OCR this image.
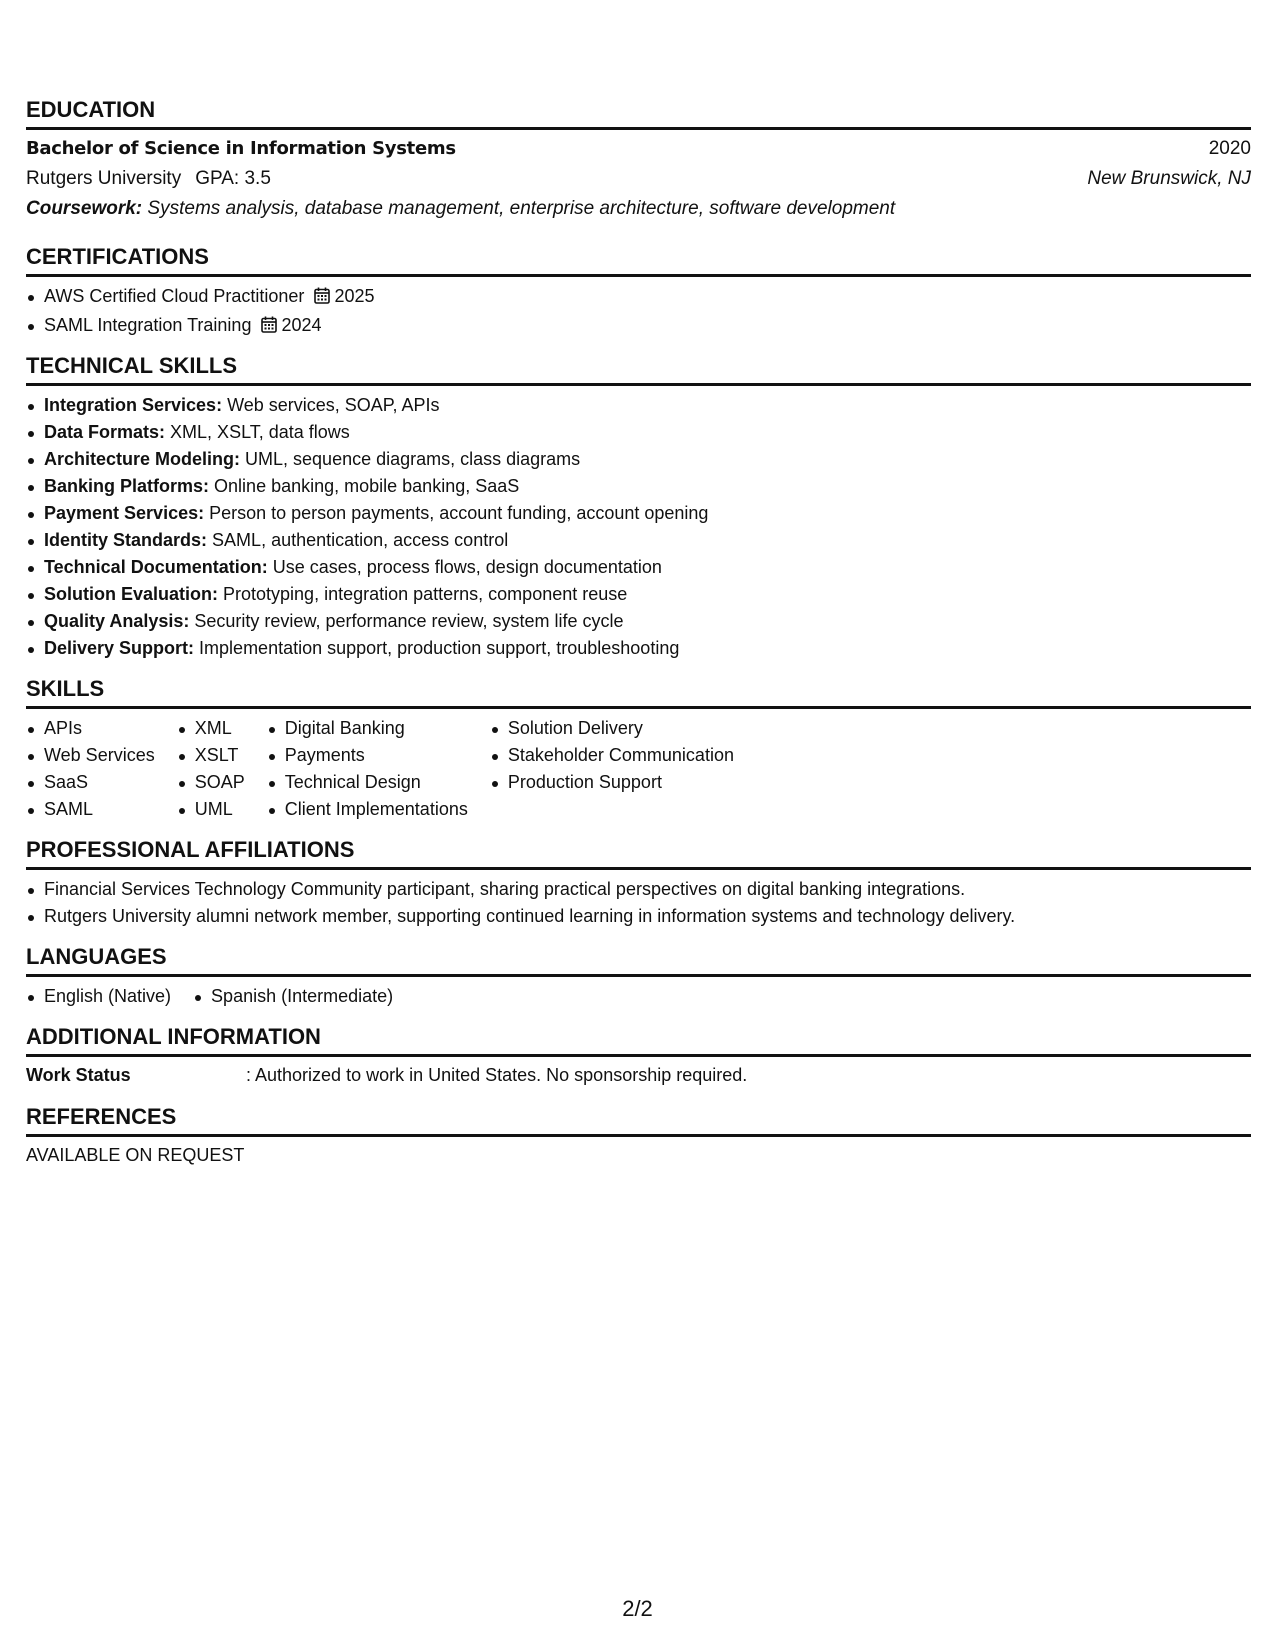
EDUCATION
Bachelor of Science in Information Systems	2020
Rutgers University GPA: 3.5	New Brunswick, NJ
Coursework: Systems analysis, database management, enterprise architecture, software development
CERTIFICATIONS
AWS Certified Cloud Practitioner 2025
SAML Integration Training 2024
TECHNICAL SKILLS
Integration Services: Web services, SOAP, APIs
Data Formats: XML, XSLT, data flows
Architecture Modeling: UML, sequence diagrams, class diagrams
Banking Platforms: Online banking, mobile banking, SaaS
Payment Services: Person to person payments, account funding, account opening
Identity Standards: SAML, authentication, access control
Technical Documentation: Use cases, process flows, design documentation
Solution Evaluation: Prototyping, integration patterns, component reuse
Quality Analysis: Security review, performance review, system life cycle
Delivery Support: Implementation support, production support, troubleshooting
SKILLS
APIs
Web Services
SaaS
SAML
XML
XSLT
SOAP
UML
Digital Banking
Payments
Technical Design
Client Implementations
Solution Delivery
Stakeholder Communication
Production Support
PROFESSIONAL AFFILIATIONS
Financial Services Technology Community participant, sharing practical perspectives on digital banking integrations.
Rutgers University alumni network member, supporting continued learning in information systems and technology delivery.
LANGUAGES
English (Native)	Spanish (Intermediate)
ADDITIONAL INFORMATION
Work Status	: Authorized to work in United States. No sponsorship required.
REFERENCES
AVAILABLE ON REQUEST
2/2
